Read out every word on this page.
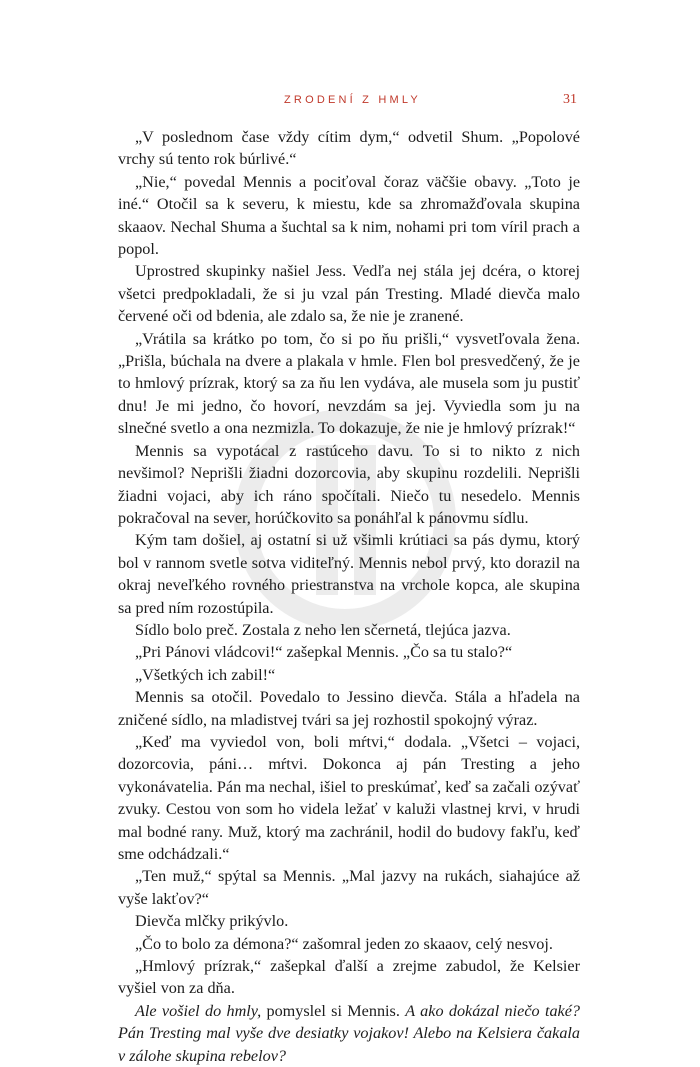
ZRODENÍ Z HMLY	31

„V poslednom čase vždy cítim dym,“ odvetil Shum. „Popolové vrchy sú tento rok búrlivé.“

„Nie,“ povedal Mennis a pociťoval čoraz väčšie obavy. „Toto je iné.“ Otočil sa k severu, k miestu, kde sa zhromažďovala skupina skaaov. Nechal Shuma a šuchtal sa k nim, nohami pri tom víril prach a popol.

Uprostred skupinky našiel Jess. Vedľa nej stála jej dcéra, o ktorej všetci predpokladali, že si ju vzal pán Tresting. Mladé dievča malo červené oči od bdenia, ale zdalo sa, že nie je zranené.

„Vrátila sa krátko po tom, čo si po ňu prišli,“ vysvetľovala žena. „Prišla, búchala na dvere a plakala v hmle. Flen bol presvedčený, že je to hmlový prízrak, ktorý sa za ňu len vydáva, ale musela som ju pustiť dnu! Je mi jedno, čo hovorí, nevzdám sa jej. Vyviedla som ju na slnečné svetlo a ona nezmizla. To dokazuje, že nie je hmlový prízrak!“

Mennis sa vypotácal z rastúceho davu. To si to nikto z nich nevšimol? Neprišli žiadni dozorcovia, aby skupinu rozdelili. Neprišli žiadni vojaci, aby ich ráno spočítali. Niečo tu nesedelo. Mennis pokračoval na sever, horúčkovito sa ponáhľal k pánovmu sídlu.

Kým tam došiel, aj ostatní si už všimli krútiaci sa pás dymu, ktorý bol v rannom svetle sotva viditeľný. Mennis nebol prvý, kto dorazil na okraj nevеľkého rovného priestranstva na vrchole kopca, ale skupina sa pred ním rozostúpila.

Sídlo bolo preč. Zostala z neho len sčernetá, tlejúca jazva.

„Pri Pánovi vládcovi!“ zašepkal Mennis. „Čo sa tu stalo?“

„Všetkých ich zabil!“

Mennis sa otočil. Povedalo to Jessino dievča. Stála a hľadela na zničené sídlo, na mladistvej tvári sa jej rozhostil spokojný výraz.

„Keď ma vyviedol von, boli mŕtvi,“ dodala. „Všetci – vojaci, dozorcovia, páni… mŕtvi. Dokonca aj pán Tresting a jeho vykonávatelia. Pán ma nechal, išiel to preskúmať, keď sa začali ozývať zvuky. Cestou von som ho videla ležať v kaluži vlastnej krvi, v hrudi mal bodné rany. Muž, ktorý ma zachránil, hodil do budovy fakľu, keď sme odchádzali.“

„Ten muž,“ spýtal sa Mennis. „Mal jazvy na rukách, siahajúce až vyše lakťov?“

Dievča mlčky prikývlo.

„Čo to bolo za démona?“ zašomral jeden zo skaaov, celý nesvoj.

„Hmlový prízrak,“ zašepkal ďalší a zrejme zabudol, že Kelsier vyšiel von za dňa.

Ale vošiel do hmly, pomyslel si Mennis. A ako dokázal niečo také? Pán Tresting mal vyše dve desiatky vojakov! Alebo na Kelsiera čakala v zálohe skupina rebelov?
